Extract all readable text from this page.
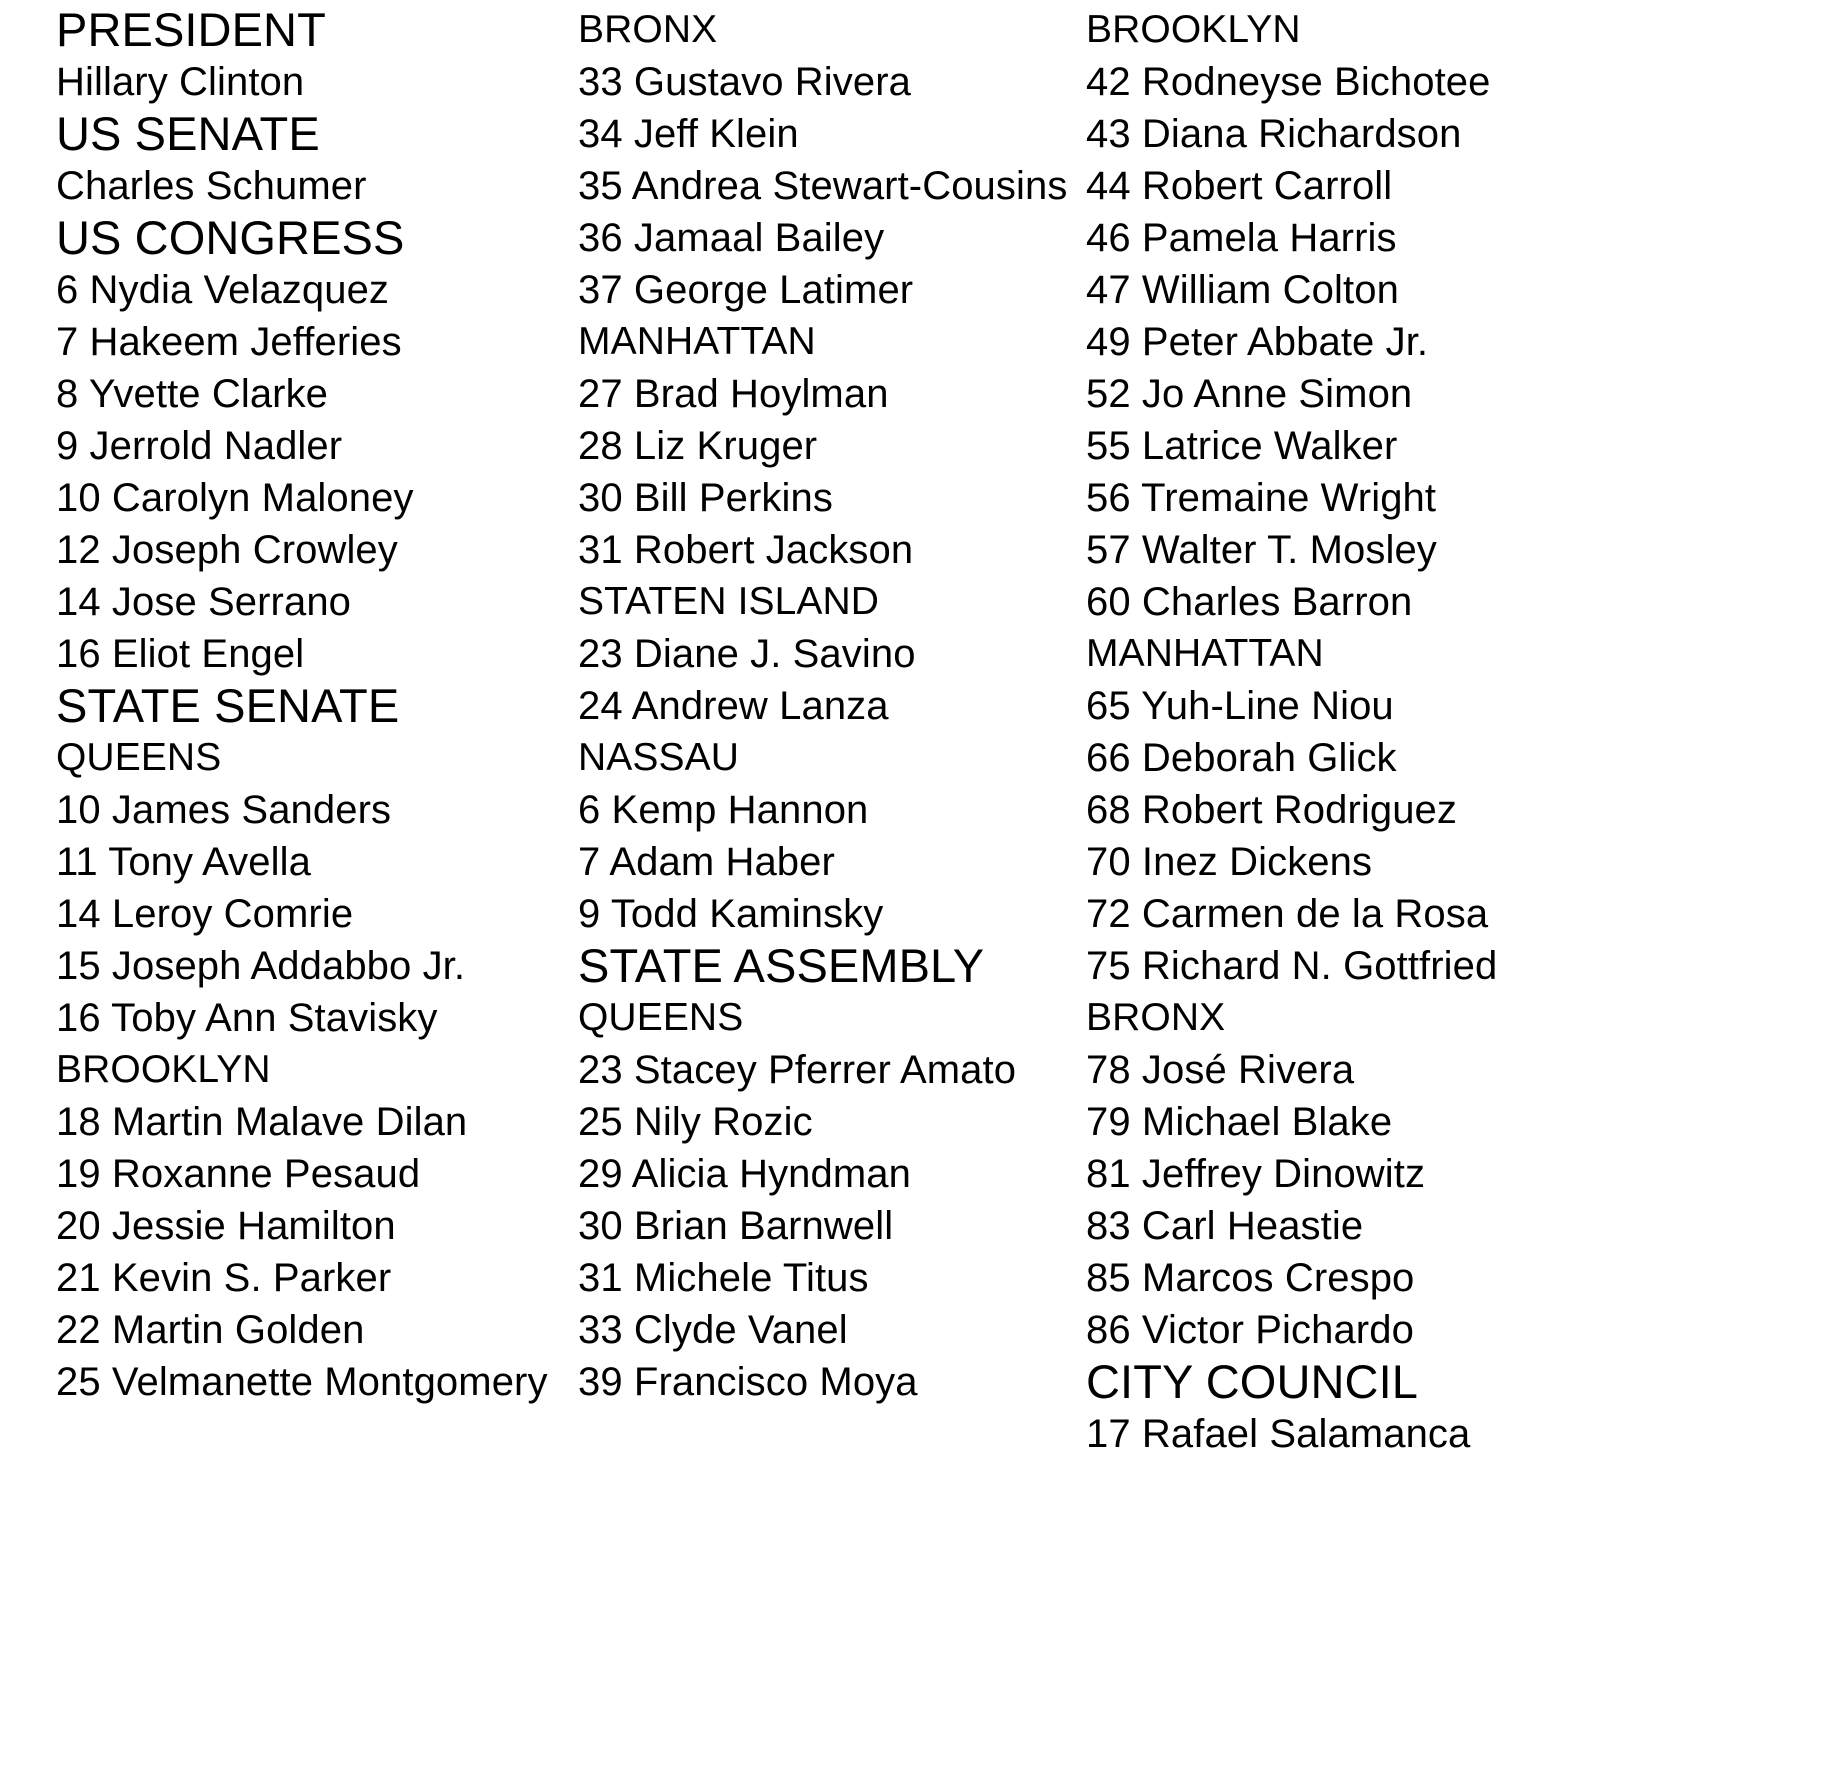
PRESIDENT
Hillary Clinton
US SENATE
Charles Schumer
US CONGRESS
6 Nydia Velazquez
7 Hakeem Jefferies
8 Yvette Clarke
9 Jerrold Nadler
10 Carolyn Maloney
12 Joseph Crowley
14 Jose Serrano
16 Eliot Engel
STATE SENATE
QUEENS
10 James Sanders
11 Tony Avella
14 Leroy Comrie
15 Joseph Addabbo Jr.
16 Toby Ann Stavisky
BROOKLYN
18 Martin Malave Dilan
19 Roxanne Pesaud
20 Jessie Hamilton
21 Kevin S. Parker
22 Martin Golden
25 Velmanette Montgomery
BRONX
33 Gustavo Rivera
34 Jeff Klein
35 Andrea Stewart-Cousins
36 Jamaal Bailey
37 George Latimer
MANHATTAN
27 Brad Hoylman
28 Liz Kruger
30 Bill Perkins
31 Robert Jackson
STATEN ISLAND
23 Diane J. Savino
24 Andrew Lanza
NASSAU
6 Kemp Hannon
7 Adam Haber
9 Todd Kaminsky
STATE ASSEMBLY
QUEENS
23 Stacey Pferrer Amato
25 Nily Rozic
29 Alicia Hyndman
30 Brian Barnwell
31 Michele Titus
33 Clyde Vanel
39 Francisco Moya
BROOKLYN
42 Rodneyse Bichotee
43 Diana Richardson
44 Robert Carroll
46 Pamela Harris
47 William Colton
49 Peter Abbate Jr.
52 Jo Anne Simon
55 Latrice Walker
56 Tremaine Wright
57 Walter T. Mosley
60 Charles Barron
MANHATTAN
65 Yuh-Line Niou
66 Deborah Glick
68 Robert Rodriguez
70 Inez Dickens
72 Carmen de la Rosa
75 Richard N. Gottfried
BRONX
78 José Rivera
79 Michael Blake
81 Jeffrey Dinowitz
83 Carl Heastie
85 Marcos Crespo
86 Victor Pichardo
CITY COUNCIL
17 Rafael Salamanca
